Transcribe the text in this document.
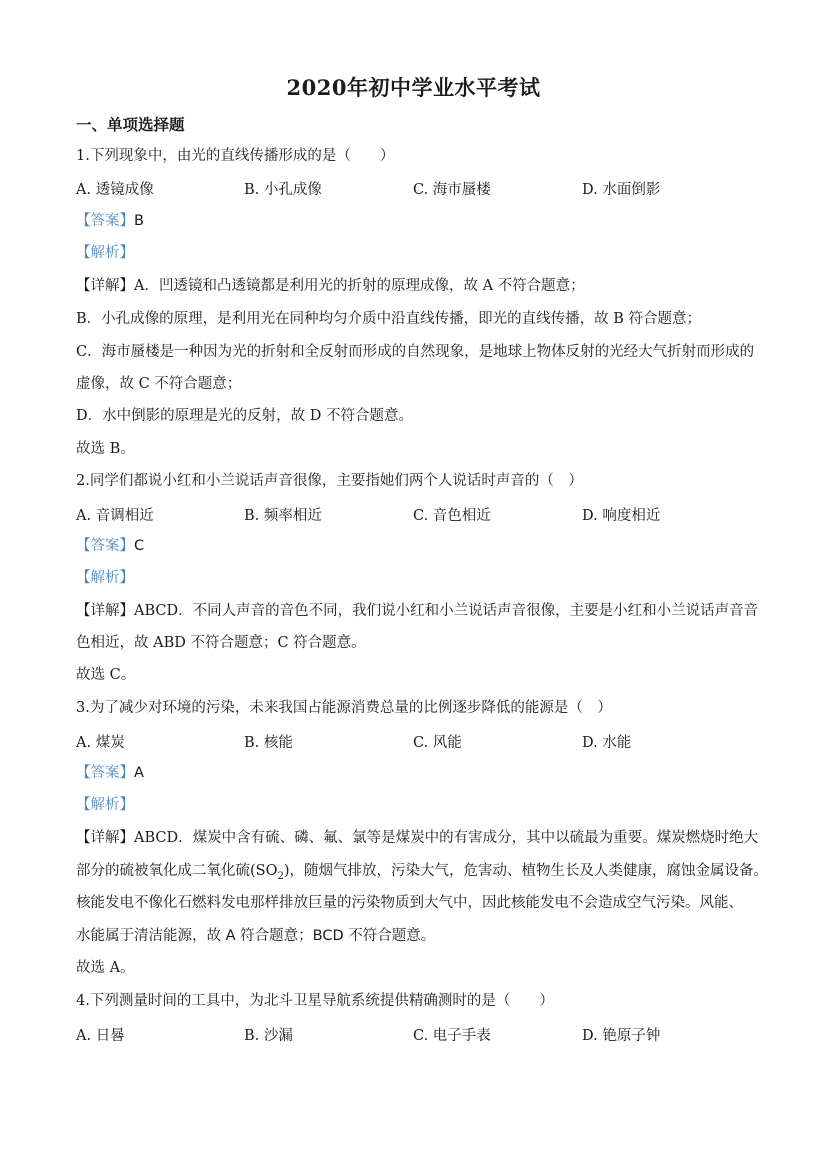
2020年初中学业水平考试
一、单项选择题
1.下列现象中，由光的直线传播形成的是（　　）
A. 透镜成像	B. 小孔成像	C. 海市蜃楼	D. 水面倒影
【答案】B
【解析】
【详解】A．凹透镜和凸透镜都是利用光的折射的原理成像，故 A 不符合题意；
B．小孔成像的原理，是利用光在同种均匀介质中沿直线传播，即光的直线传播，故 B 符合题意；
C．海市蜃楼是一种因为光的折射和全反射而形成的自然现象，是地球上物体反射的光经大气折射而形成的
虚像，故 C 不符合题意；
D．水中倒影的原理是光的反射，故 D 不符合题意。
故选 B。
2.同学们都说小红和小兰说话声音很像，主要指她们两个人说话时声音的（　）
A. 音调相近	B. 频率相近	C. 音色相近	D. 响度相近
【答案】C
【解析】
【详解】ABCD．不同人声音的音色不同，我们说小红和小兰说话声音很像，主要是小红和小兰说话声音音
色相近，故 ABD 不符合题意；C 符合题意。
故选 C。
3.为了减少对环境的污染，未来我国占能源消费总量的比例逐步降低的能源是（　）
A. 煤炭	B. 核能	C. 风能	D. 水能
【答案】A
【解析】
【详解】ABCD．煤炭中含有硫、磷、氟、氯等是煤炭中的有害成分，其中以硫最为重要。煤炭燃烧时绝大
部分的硫被氧化成二氧化硫$(SO_2)$，随烟气排放，污染大气，危害动、植物生长及人类健康，腐蚀金属设备。
核能发电不像化石燃料发电那样排放巨量的污染物质到大气中，因此核能发电不会造成空气污染。风能、
水能属于清洁能源，故 A 符合题意；BCD 不符合题意。
故选 A。
4.下列测量时间的工具中，为北斗卫星导航系统提供精确测时的是（　　）
A. 日晷	B. 沙漏	C. 电子手表	D. 铯原子钟
